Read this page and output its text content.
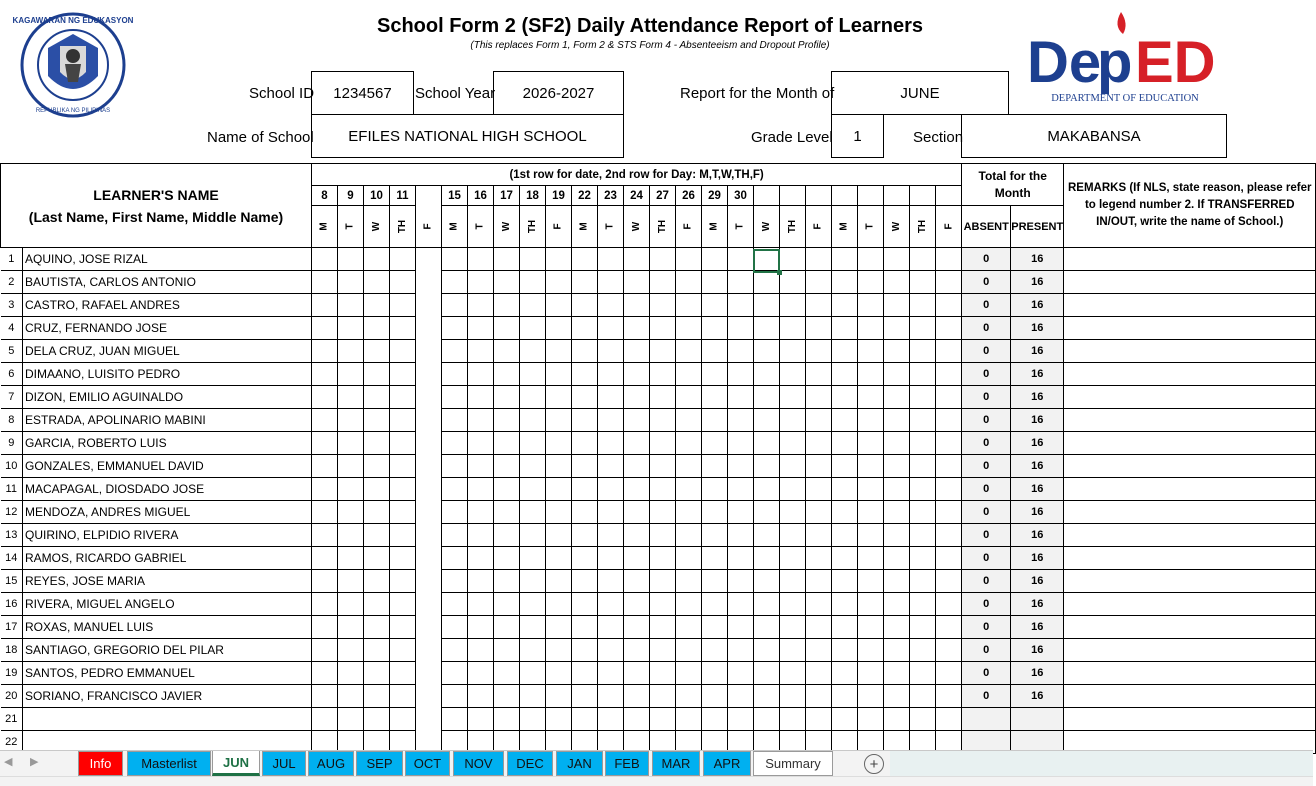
KAGAWARAN NG EDUKASYON
REPUBLIKA NG PILIPINAS
School Form 2 (SF2) Daily Attendance Report of Learners
(This replaces Form 1, Form 2 & STS Form 4 - Absenteeism and Dropout Profile)	De
p ED
DEPARTMENT OF EDUCATION
School ID	1234567	School Year	2026-2027	Report for the Month of	JUNE
Name of School	EFILES NATIONAL HIGH SCHOOL	Grade Level	1	Section	MAKABANSA
LEARNER'S NAME
(Last Name, First Name, Middle Name)		(1st row for date, 2nd row for Day: M,T,W,TH,F)																									Total for the Month		REMARKS (If NLS, state reason, please refer to legend number 2. If TRANSFERRED IN/OUT, write the name of School.)
		8	9	10	11		15	16	17	18	19	22	23	24	27	26	29	30											
		M	T	W	TH	F	M	T	W	TH	F	M	T	W	TH	F	M	T	W	TH	F	M	T	W	TH	F	ABSENT	PRESENT	
1	AQUINO, JOSE RIZAL																										0	16	
2	BAUTISTA, CARLOS ANTONIO																										0	16	
3	CASTRO, RAFAEL ANDRES																										0	16	
4	CRUZ, FERNANDO JOSE																										0	16	
5	DELA CRUZ, JUAN MIGUEL																										0	16	
6	DIMAANO, LUISITO PEDRO																										0	16	
7	DIZON, EMILIO AGUINALDO																										0	16	
8	ESTRADA, APOLINARIO MABINI																										0	16	
9	GARCIA, ROBERTO LUIS																										0	16	
10	GONZALES, EMMANUEL DAVID																										0	16	
11	MACAPAGAL, DIOSDADO JOSE																										0	16	
12	MENDOZA, ANDRES MIGUEL																										0	16	
13	QUIRINO, ELPIDIO RIVERA																										0	16	
14	RAMOS, RICARDO GABRIEL																										0	16	
15	REYES, JOSE MARIA																										0	16	
16	RIVERA, MIGUEL ANGELO																										0	16	
17	ROXAS, MANUEL LUIS																										0	16	
18	SANTIAGO, GREGORIO DEL PILAR																										0	16	
19	SANTOS, PEDRO EMMANUEL																										0	16	
20	SORIANO, FRANCISCO JAVIER																										0	16	
21																													
22																													
◀ ▶	Info	Masterlist	JUN	JUL	AUG	SEP	OCT	NOV	DEC	JAN	FEB	MAR	APR	Summary	+
